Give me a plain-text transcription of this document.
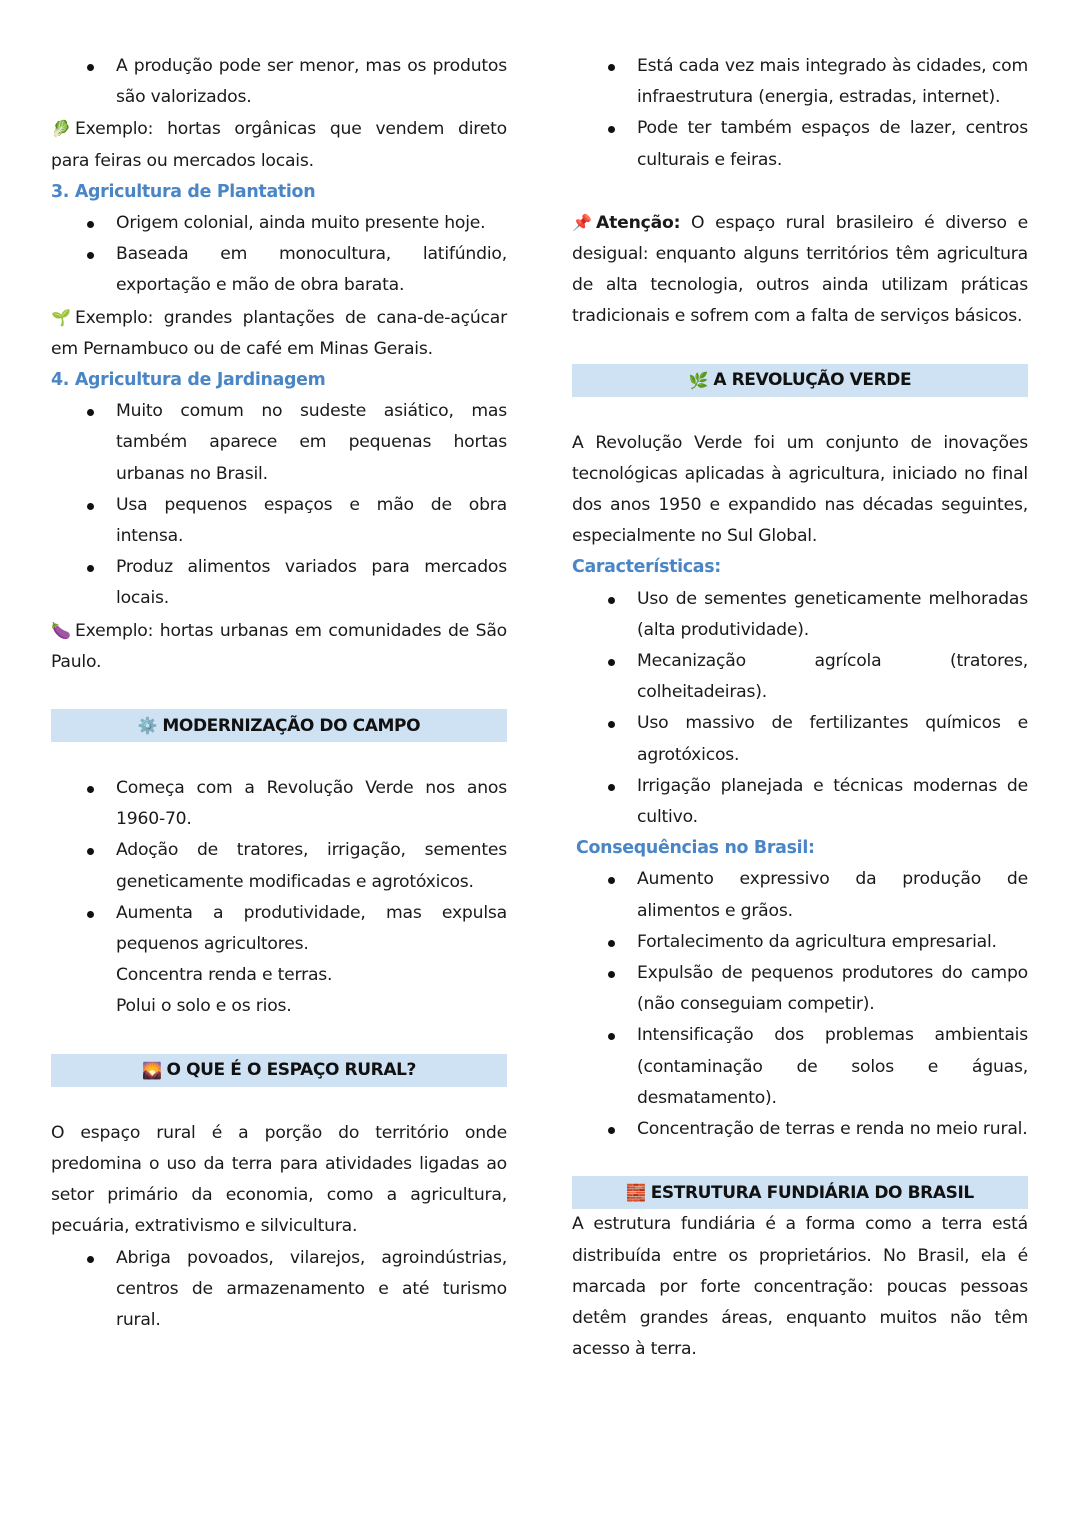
A produção pode ser menor, mas os produtos são valorizados.

🥬 Exemplo: hortas orgânicas que vendem direto para feiras ou mercados locais.

3. Agricultura de Plantation

Origem colonial, ainda muito presente hoje.

Baseada em monocultura, latifúndio, exportação e mão de obra barata.

🌱 Exemplo: grandes plantações de cana-de-açúcar em Pernambuco ou de café em Minas Gerais.

4. Agricultura de Jardinagem

Muito comum no sudeste asiático, mas também aparece em pequenas hortas urbanas no Brasil.

Usa pequenos espaços e mão de obra intensa.

Produz alimentos variados para mercados locais.

🍆 Exemplo: hortas urbanas em comunidades de São Paulo.

⚙️ MODERNIZAÇÃO DO CAMPO

Começa com a Revolução Verde nos anos 1960-70.

Adoção de tratores, irrigação, sementes geneticamente modificadas e agrotóxicos.

Aumenta a produtividade, mas expulsa pequenos agricultores.

Concentra renda e terras.

Polui o solo e os rios.

🌄 O QUE É O ESPAÇO RURAL?

O espaço rural é a porção do território onde predomina o uso da terra para atividades ligadas ao setor primário da economia, como a agricultura, pecuária, extrativismo e silvicultura.

Abriga povoados, vilarejos, agroindústrias, centros de armazenamento e até turismo rural.

Está cada vez mais integrado às cidades, com infraestrutura (energia, estradas, internet).

Pode ter também espaços de lazer, centros culturais e feiras.

📌 Atenção: O espaço rural brasileiro é diverso e desigual: enquanto alguns territórios têm agricultura de alta tecnologia, outros ainda utilizam práticas tradicionais e sofrem com a falta de serviços básicos.

🌿 A REVOLUÇÃO VERDE

A Revolução Verde foi um conjunto de inovações tecnológicas aplicadas à agricultura, iniciado no final dos anos 1950 e expandido nas décadas seguintes, especialmente no Sul Global.

Características:

Uso de sementes geneticamente melhoradas (alta produtividade).

Mecanização agrícola (tratores, colheitadeiras).

Uso massivo de fertilizantes químicos e agrotóxicos.

Irrigação planejada e técnicas modernas de cultivo.

Consequências no Brasil:

Aumento expressivo da produção de alimentos e grãos.

Fortalecimento da agricultura empresarial.

Expulsão de pequenos produtores do campo (não conseguiam competir).

Intensificação dos problemas ambientais (contaminação de solos e águas, desmatamento).

Concentração de terras e renda no meio rural.

🧱 ESTRUTURA FUNDIÁRIA DO BRASIL

A estrutura fundiária é a forma como a terra está distribuída entre os proprietários. No Brasil, ela é marcada por forte concentração: poucas pessoas detêm grandes áreas, enquanto muitos não têm acesso à terra.
